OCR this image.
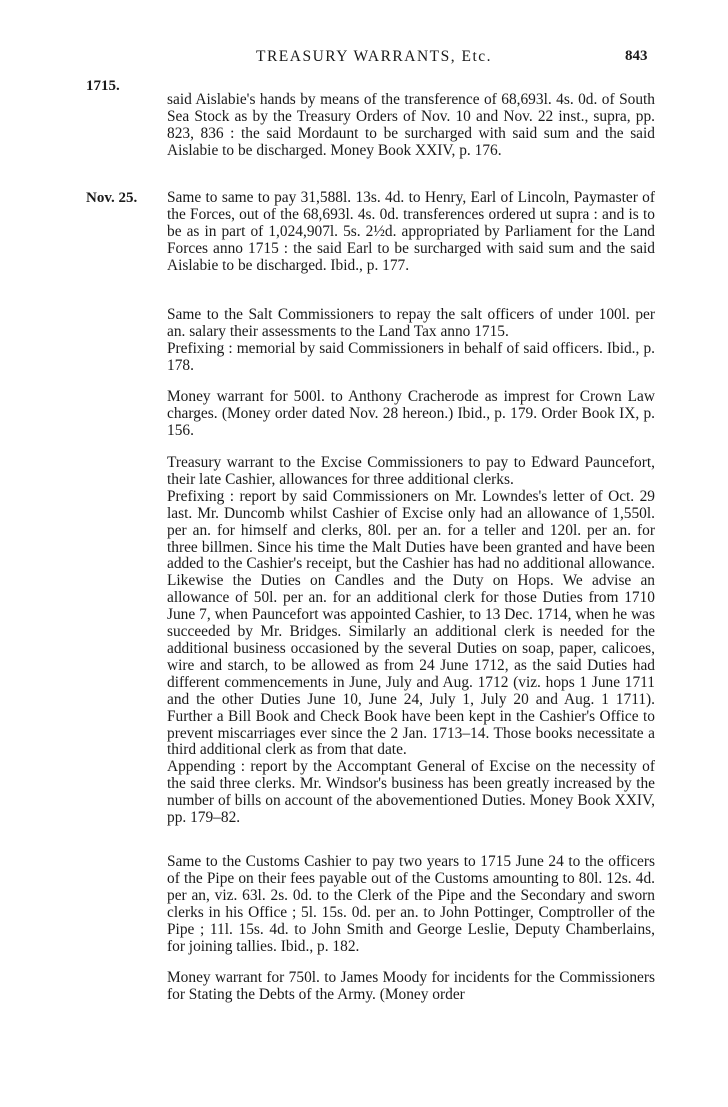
1715.
TREASURY WARRANTS, Etc.	843

said Aislabie's hands by means of the transference of 68,693l. 4s. 0d. of South Sea Stock as by the Treasury Orders of Nov. 10 and Nov. 22 inst., supra, pp. 823, 836 : the said Mordaunt to be surcharged with said sum and the said Aislabie to be discharged. Money Book XXIV, p. 176.

Nov. 25. Same to same to pay 31,588l. 13s. 4d. to Henry, Earl of Lincoln, Paymaster of the Forces, out of the 68,693l. 4s. 0d. transferences ordered ut supra : and is to be as in part of 1,024,907l. 5s. 2½d. appropriated by Parliament for the Land Forces anno 1715 : the said Earl to be surcharged with said sum and the said Aislabie to be discharged. Ibid., p. 177.

Same to the Salt Commissioners to repay the salt officers of under 100l. per an. salary their assessments to the Land Tax anno 1715.

Prefixing : memorial by said Commissioners in behalf of said officers. Ibid., p. 178.

Money warrant for 500l. to Anthony Cracherode as imprest for Crown Law charges. (Money order dated Nov. 28 hereon.) Ibid., p. 179. Order Book IX, p. 156.

Treasury warrant to the Excise Commissioners to pay to Edward Pauncefort, their late Cashier, allowances for three additional clerks.

Prefixing : report by said Commissioners on Mr. Lowndes's letter of Oct. 29 last. Mr. Duncomb whilst Cashier of Excise only had an allowance of 1,550l. per an. for himself and clerks, 80l. per an. for a teller and 120l. per an. for three billmen. Since his time the Malt Duties have been granted and have been added to the Cashier's receipt, but the Cashier has had no additional allowance. Likewise the Duties on Candles and the Duty on Hops. We advise an allowance of 50l. per an. for an additional clerk for those Duties from 1710 June 7, when Pauncefort was appointed Cashier, to 13 Dec. 1714, when he was succeeded by Mr. Bridges. Similarly an additional clerk is needed for the additional business occasioned by the several Duties on soap, paper, calicoes, wire and starch, to be allowed as from 24 June 1712, as the said Duties had different commencements in June, July and Aug. 1712 (viz. hops 1 June 1711 and the other Duties June 10, June 24, July 1, July 20 and Aug. 1 1711). Further a Bill Book and Check Book have been kept in the Cashier's Office to prevent miscarriages ever since the 2 Jan. 1713–14. Those books necessitate a third additional clerk as from that date.

Appending : report by the Accomptant General of Excise on the necessity of the said three clerks. Mr. Windsor's business has been greatly increased by the number of bills on account of the abovementioned Duties. Money Book XXIV, pp. 179–82.

Same to the Customs Cashier to pay two years to 1715 June 24 to the officers of the Pipe on their fees payable out of the Customs amounting to 80l. 12s. 4d. per an, viz. 63l. 2s. 0d. to the Clerk of the Pipe and the Secondary and sworn clerks in his Office ; 5l. 15s. 0d. per an. to John Pottinger, Comptroller of the Pipe ; 11l. 15s. 4d. to John Smith and George Leslie, Deputy Chamberlains, for joining tallies. Ibid., p. 182.

Money warrant for 750l. to James Moody for incidents for the Commissioners for Stating the Debts of the Army. (Money order
